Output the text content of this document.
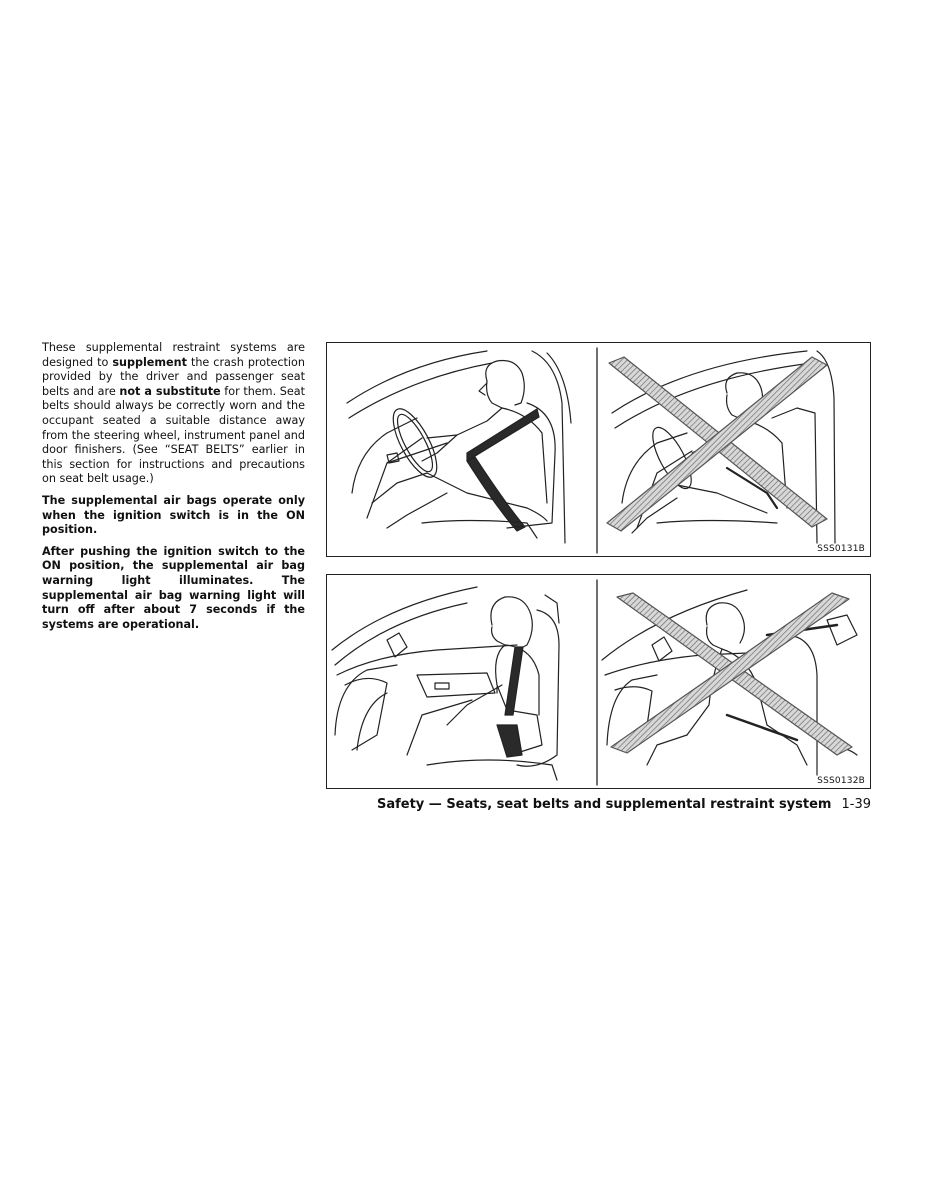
These supplemental restraint systems are designed to supplement the crash protection provided by the driver and passenger seat belts and are not a substitute for them. Seat belts should always be correctly worn and the occupant seated a suitable distance away from the steering wheel, instrument panel and door finishers. (See “SEAT BELTS” earlier in this section for instructions and precautions on seat belt usage.)

The supplemental air bags operate only when the ignition switch is in the ON position.

After pushing the ignition switch to the ON position, the supplemental air bag warning light illuminates. The supplemental air bag warning light will turn off after about 7 seconds if the systems are operational.

SSS0131B
SSS0132B
Safety — Seats, seat belts and supplemental restraint system 1-39
